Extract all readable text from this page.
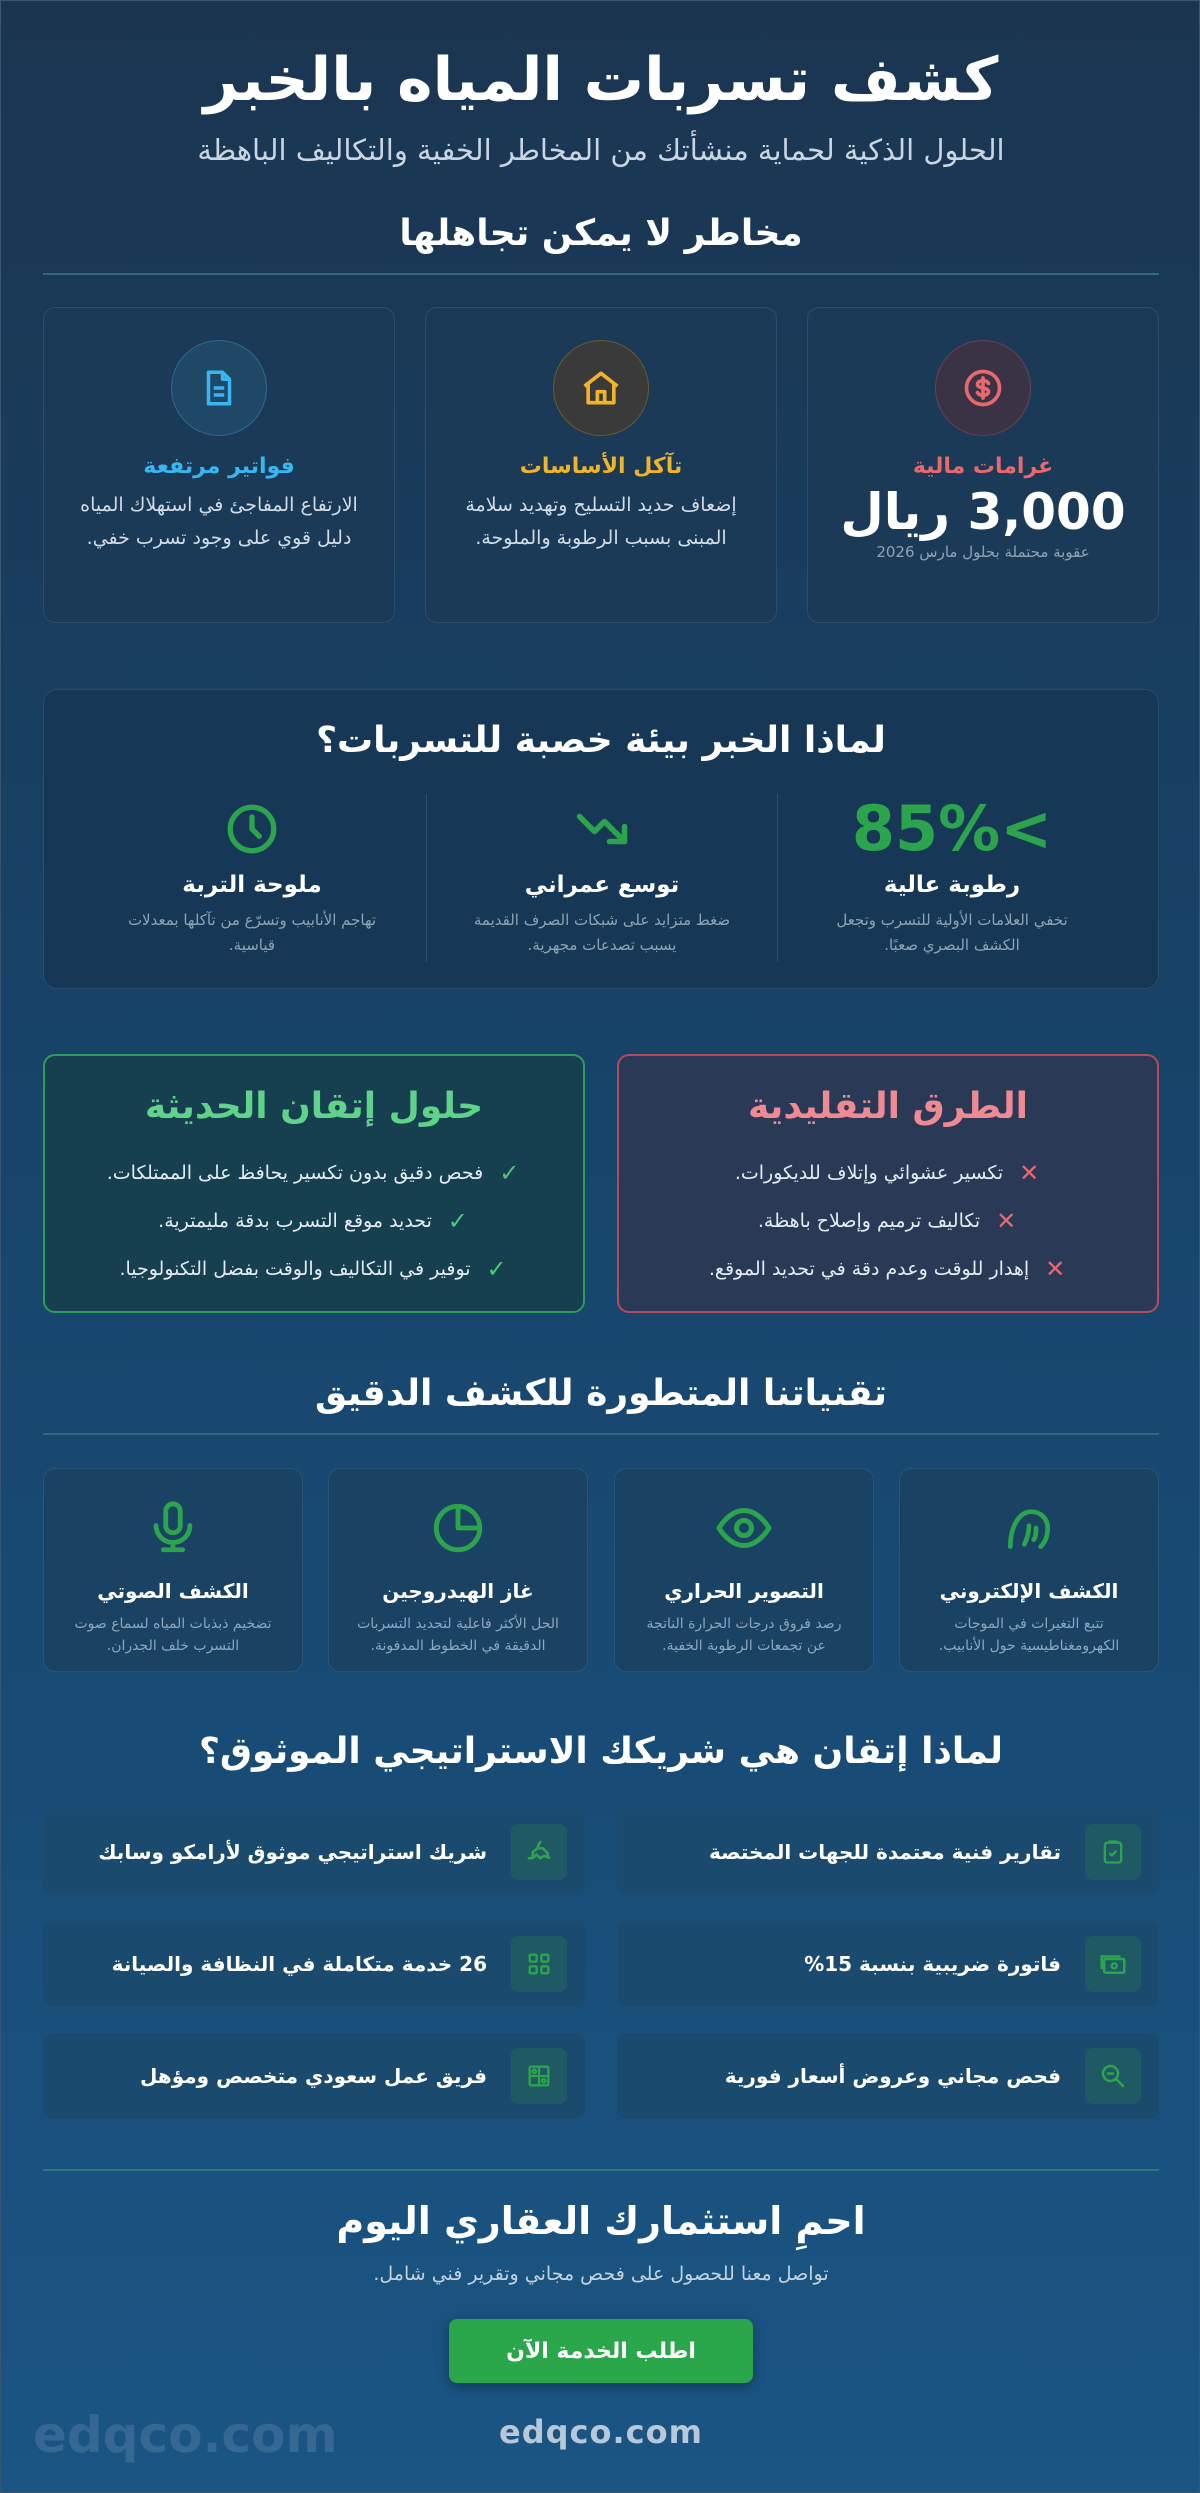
كشف تسربات المياه بالخبر

الحلول الذكية لحماية منشأتك من المخاطر الخفية والتكاليف الباهظة

مخاطر لا يمكن تجاهلها
غرامات مالية
3,000 ريال
عقوبة محتملة بحلول مارس 2026
تآكل الأساسات
إضعاف حديد التسليح وتهديد سلامة المبنى بسبب الرطوبة والملوحة.
فواتير مرتفعة
الارتفاع المفاجئ في استهلاك المياه دليل قوي على وجود تسرب خفي.
لماذا الخبر بيئة خصبة للتسربات؟
85%<
رطوبة عالية
تخفي العلامات الأولية للتسرب وتجعل الكشف البصري صعبًا.
توسع عمراني
ضغط متزايد على شبكات الصرف القديمة يسبب تصدعات مجهرية.
ملوحة التربة
تهاجم الأنابيب وتسرّع من تآكلها بمعدلات قياسية.
الطرق التقليدية
✕
تكسير عشوائي وإتلاف للديكورات.
✕
تكاليف ترميم وإصلاح باهظة.
✕
إهدار للوقت وعدم دقة في تحديد الموقع.
حلول إتقان الحديثة
✓
فحص دقيق بدون تكسير يحافظ على الممتلكات.
✓
تحديد موقع التسرب بدقة مليمترية.
✓
توفير في التكاليف والوقت بفضل التكنولوجيا.
تقنياتنا المتطورة للكشف الدقيق
الكشف الإلكتروني
تتبع التغيرات في الموجات الكهرومغناطيسية حول الأنابيب.
التصوير الحراري
رصد فروق درجات الحرارة الناتجة عن تجمعات الرطوبة الخفية.
غاز الهيدروجين
الحل الأكثر فاعلية لتحديد التسربات الدقيقة في الخطوط المدفونة.
الكشف الصوتي
تضخيم ذبذبات المياه لسماع صوت التسرب خلف الجدران.
لماذا إتقان هي شريكك الاستراتيجي الموثوق؟
تقارير فنية معتمدة للجهات المختصة
شريك استراتيجي موثوق لأرامكو وسابك
فاتورة ضريبية بنسبة 15%
26 خدمة متكاملة في النظافة والصيانة
فحص مجاني وعروض أسعار فورية
فريق عمل سعودي متخصص ومؤهل
احمِ استثمارك العقاري اليوم

تواصل معنا للحصول على فحص مجاني وتقرير فني شامل.

اطلب الخدمة الآن
edqco.com	edqco.com
